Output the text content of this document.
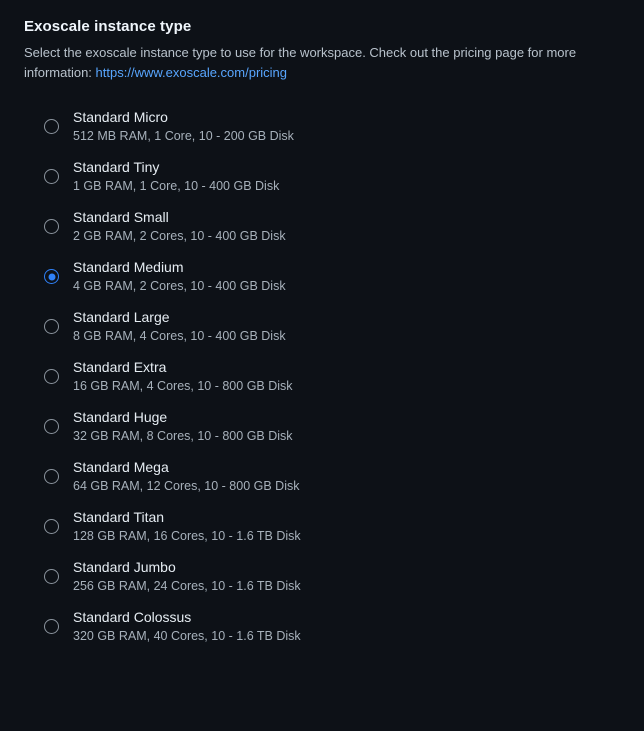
Exoscale instance type

Select the exoscale instance type to use for the workspace. Check out the pricing page for more information: https://www.exoscale.com/pricing

Standard Micro
512 MB RAM, 1 Core, 10 - 200 GB Disk
Standard Tiny
1 GB RAM, 1 Core, 10 - 400 GB Disk
Standard Small
2 GB RAM, 2 Cores, 10 - 400 GB Disk
Standard Medium
4 GB RAM, 2 Cores, 10 - 400 GB Disk
Standard Large
8 GB RAM, 4 Cores, 10 - 400 GB Disk
Standard Extra
16 GB RAM, 4 Cores, 10 - 800 GB Disk
Standard Huge
32 GB RAM, 8 Cores, 10 - 800 GB Disk
Standard Mega
64 GB RAM, 12 Cores, 10 - 800 GB Disk
Standard Titan
128 GB RAM, 16 Cores, 10 - 1.6 TB Disk
Standard Jumbo
256 GB RAM, 24 Cores, 10 - 1.6 TB Disk
Standard Colossus
320 GB RAM, 40 Cores, 10 - 1.6 TB Disk
